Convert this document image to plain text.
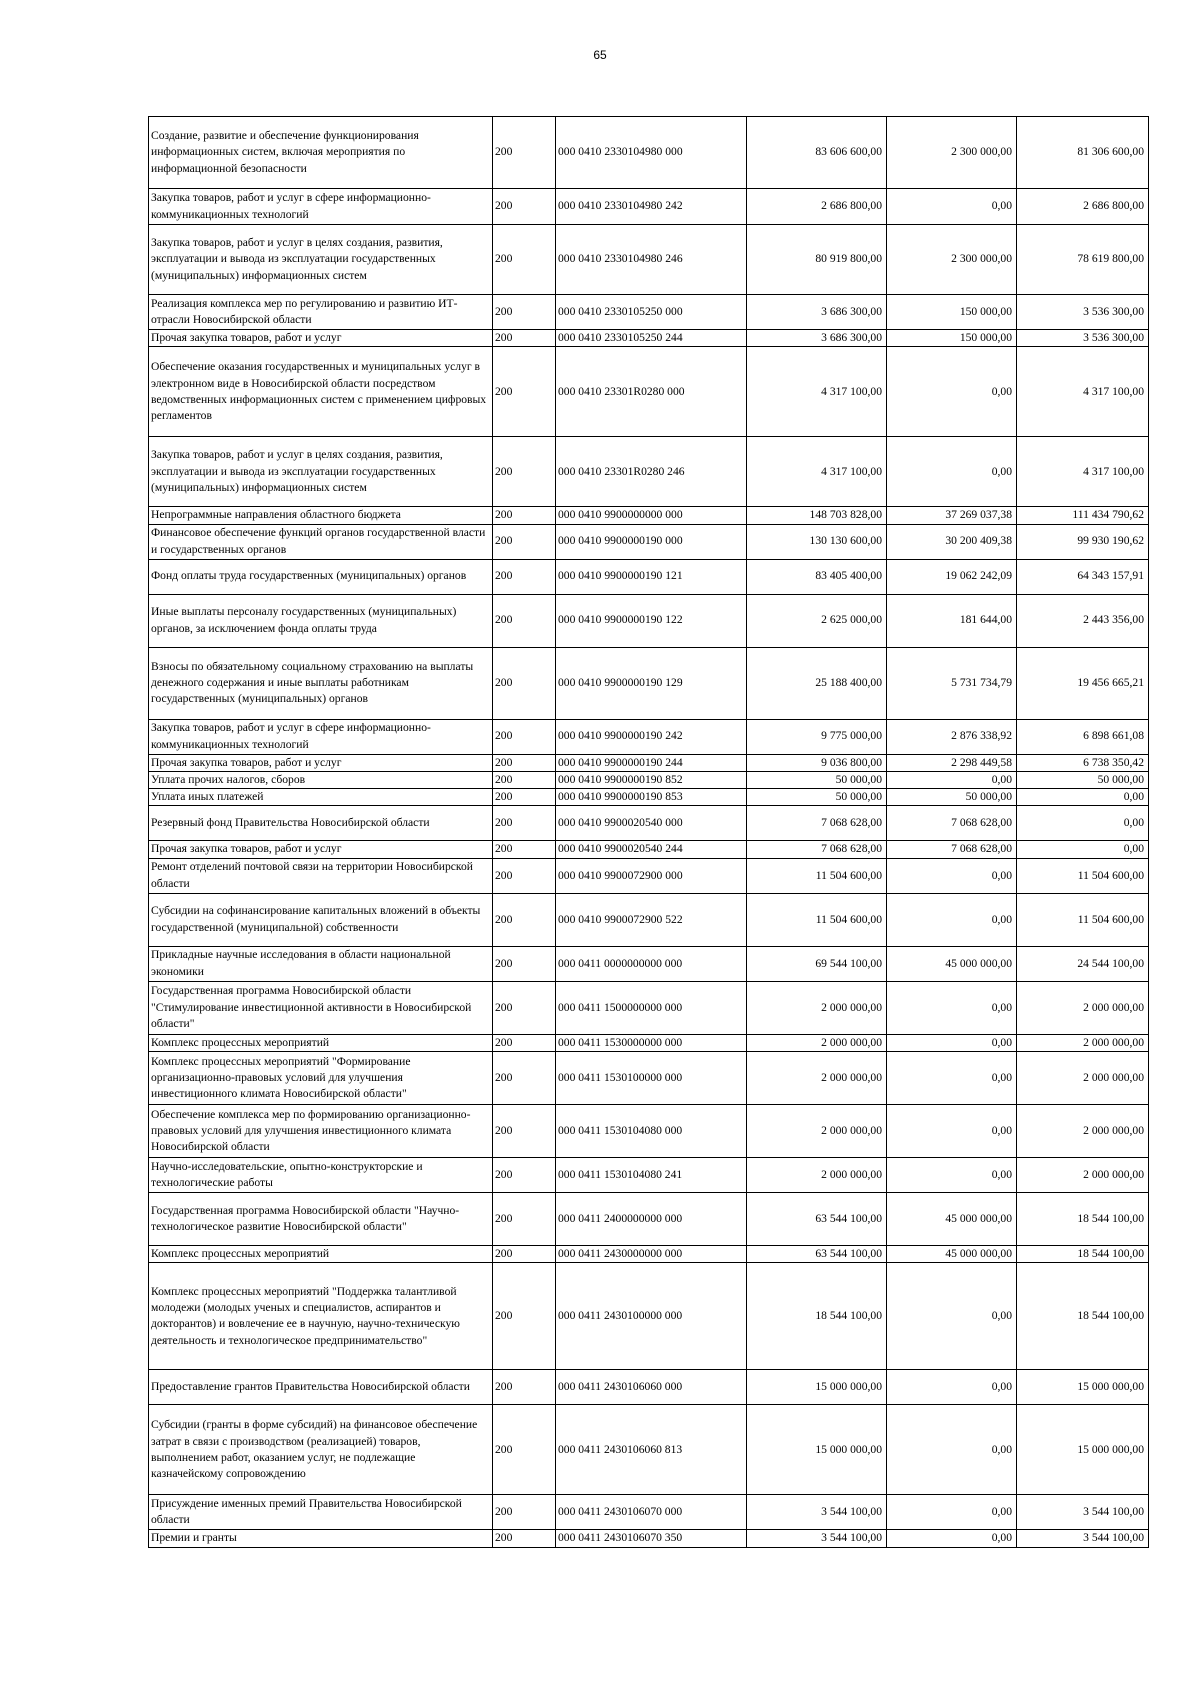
65
Создание, развитие и обеспечение функционирования информационных систем, включая мероприятия по информационной безопасности	200	000 0410 2330104980 000	83 606 600,00	2 300 000,00	81 306 600,00
Закупка товаров, работ и услуг в сфере информационно-коммуникационных технологий	200	000 0410 2330104980 242	2 686 800,00	0,00	2 686 800,00
Закупка товаров, работ и услуг в целях создания, развития, эксплуатации и вывода из эксплуатации государственных (муниципальных) информационных систем	200	000 0410 2330104980 246	80 919 800,00	2 300 000,00	78 619 800,00
Реализация комплекса мер по регулированию и развитию ИТ-отрасли Новосибирской области	200	000 0410 2330105250 000	3 686 300,00	150 000,00	3 536 300,00
Прочая закупка товаров, работ и услуг	200	000 0410 2330105250 244	3 686 300,00	150 000,00	3 536 300,00
Обеспечение оказания государственных и муниципальных услуг в электронном виде в Новосибирской области посредством ведомственных информационных систем с применением цифровых регламентов	200	000 0410 23301R0280 000	4 317 100,00	0,00	4 317 100,00
Закупка товаров, работ и услуг в целях создания, развития, эксплуатации и вывода из эксплуатации государственных (муниципальных) информационных систем	200	000 0410 23301R0280 246	4 317 100,00	0,00	4 317 100,00
Непрограммные направления областного бюджета	200	000 0410 9900000000 000	148 703 828,00	37 269 037,38	111 434 790,62
Финансовое обеспечение функций органов государственной власти и государственных органов	200	000 0410 9900000190 000	130 130 600,00	30 200 409,38	99 930 190,62
Фонд оплаты труда государственных (муниципальных) органов	200	000 0410 9900000190 121	83 405 400,00	19 062 242,09	64 343 157,91
Иные выплаты персоналу государственных (муниципальных) органов, за исключением фонда оплаты труда	200	000 0410 9900000190 122	2 625 000,00	181 644,00	2 443 356,00
Взносы по обязательному социальному страхованию на выплаты денежного содержания и иные выплаты работникам государственных (муниципальных) органов	200	000 0410 9900000190 129	25 188 400,00	5 731 734,79	19 456 665,21
Закупка товаров, работ и услуг в сфере информационно-коммуникационных технологий	200	000 0410 9900000190 242	9 775 000,00	2 876 338,92	6 898 661,08
Прочая закупка товаров, работ и услуг	200	000 0410 9900000190 244	9 036 800,00	2 298 449,58	6 738 350,42
Уплата прочих налогов, сборов	200	000 0410 9900000190 852	50 000,00	0,00	50 000,00
Уплата иных платежей	200	000 0410 9900000190 853	50 000,00	50 000,00	0,00
Резервный фонд Правительства Новосибирской области	200	000 0410 9900020540 000	7 068 628,00	7 068 628,00	0,00
Прочая закупка товаров, работ и услуг	200	000 0410 9900020540 244	7 068 628,00	7 068 628,00	0,00
Ремонт отделений почтовой связи на территории Новосибирской области	200	000 0410 9900072900 000	11 504 600,00	0,00	11 504 600,00
Субсидии на софинансирование капитальных вложений в объекты государственной (муниципальной) собственности	200	000 0410 9900072900 522	11 504 600,00	0,00	11 504 600,00
Прикладные научные исследования в области национальной экономики	200	000 0411 0000000000 000	69 544 100,00	45 000 000,00	24 544 100,00
Государственная программа Новосибирской области "Стимулирование инвестиционной активности в Новосибирской области"	200	000 0411 1500000000 000	2 000 000,00	0,00	2 000 000,00
Комплекс процессных мероприятий	200	000 0411 1530000000 000	2 000 000,00	0,00	2 000 000,00
Комплекс процессных мероприятий "Формирование организационно-правовых условий для улучшения инвестиционного климата Новосибирской области"	200	000 0411 1530100000 000	2 000 000,00	0,00	2 000 000,00
Обеспечение комплекса мер по формированию организационно-правовых условий для улучшения инвестиционного климата Новосибирской области	200	000 0411 1530104080 000	2 000 000,00	0,00	2 000 000,00
Научно-исследовательские, опытно-конструкторские и технологические работы	200	000 0411 1530104080 241	2 000 000,00	0,00	2 000 000,00
Государственная программа Новосибирской области "Научно-технологическое развитие Новосибирской области"	200	000 0411 2400000000 000	63 544 100,00	45 000 000,00	18 544 100,00
Комплекс процессных мероприятий	200	000 0411 2430000000 000	63 544 100,00	45 000 000,00	18 544 100,00
Комплекс процессных мероприятий "Поддержка талантливой молодежи (молодых ученых и специалистов, аспирантов и докторантов) и вовлечение ее в научную, научно-техническую деятельность и технологическое предпринимательство"	200	000 0411 2430100000 000	18 544 100,00	0,00	18 544 100,00
Предоставление грантов Правительства Новосибирской области	200	000 0411 2430106060 000	15 000 000,00	0,00	15 000 000,00
Субсидии (гранты в форме субсидий) на финансовое обеспечение затрат в связи с производством (реализацией) товаров, выполнением работ, оказанием услуг, не подлежащие казначейскому сопровождению	200	000 0411 2430106060 813	15 000 000,00	0,00	15 000 000,00
Присуждение именных премий Правительства Новосибирской области	200	000 0411 2430106070 000	3 544 100,00	0,00	3 544 100,00
Премии и гранты	200	000 0411 2430106070 350	3 544 100,00	0,00	3 544 100,00
